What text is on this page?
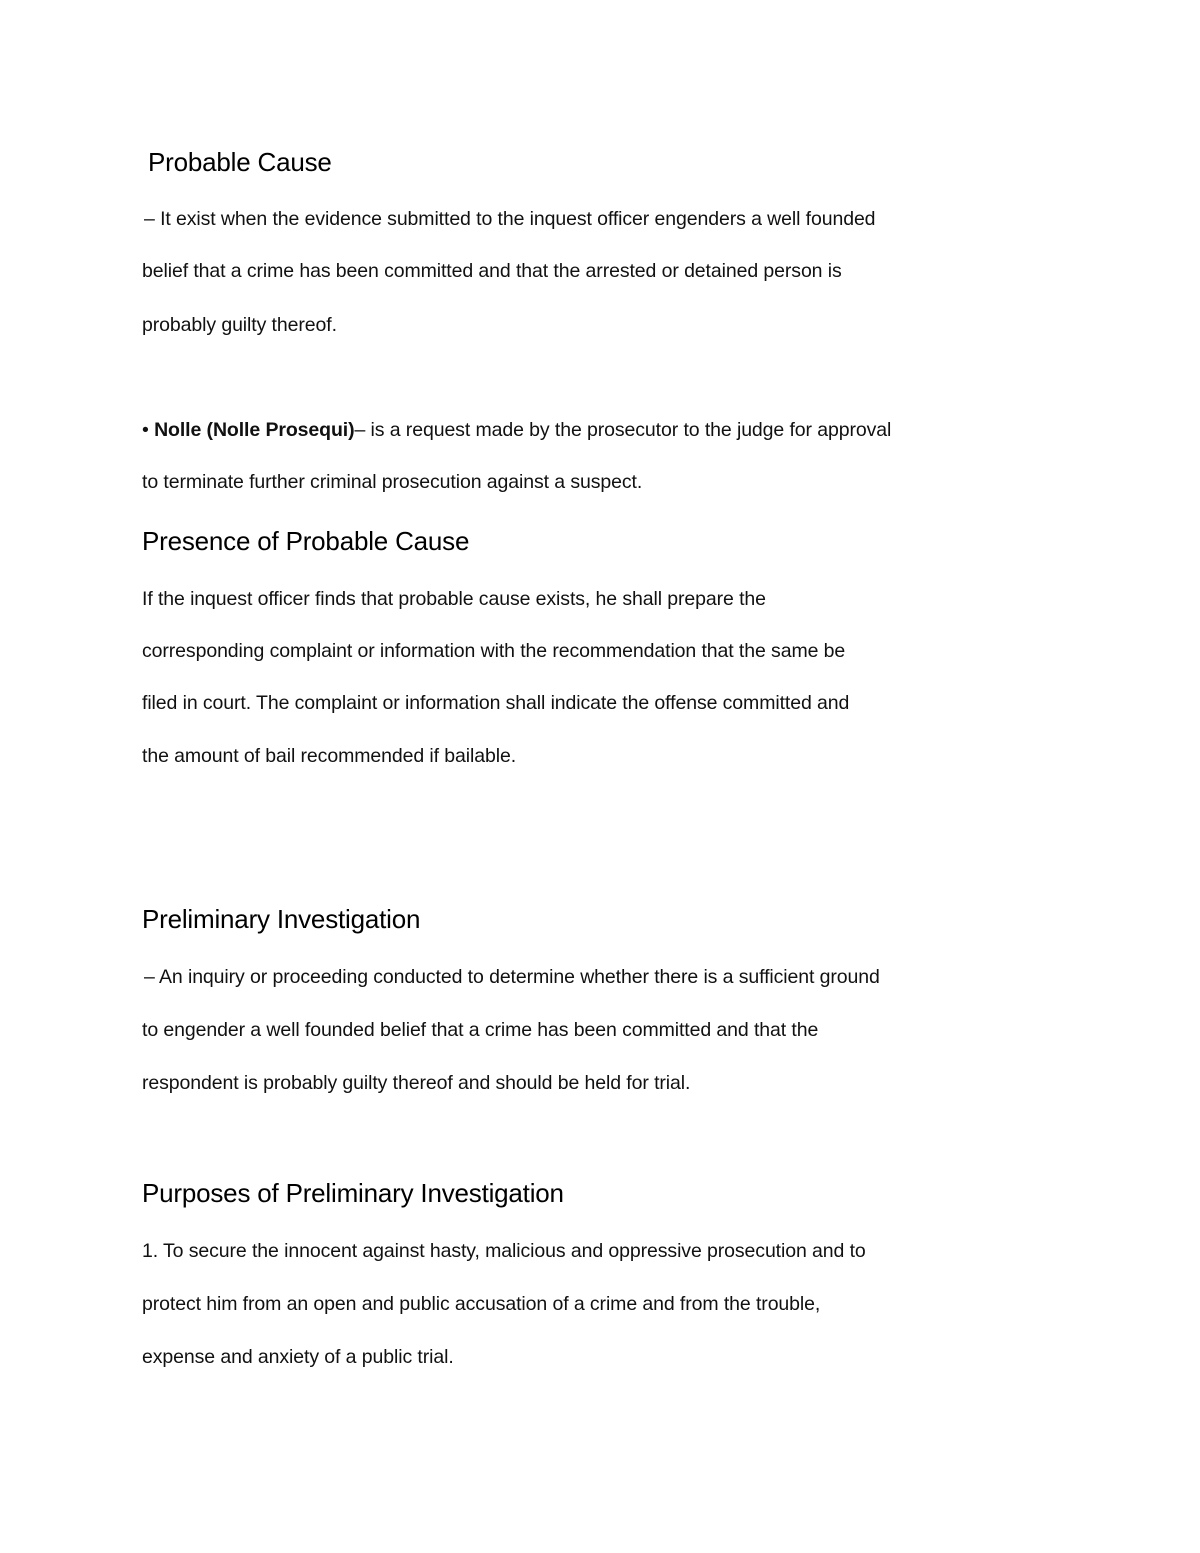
Probable Cause

– It exist when the evidence submitted to the inquest officer engenders a well founded

belief that a crime has been committed and that the arrested or detained person is

probably guilty thereof.

• Nolle (Nolle Prosequi)– is a request made by the prosecutor to the judge for approval

to terminate further criminal prosecution against a suspect.

Presence of Probable Cause

If the inquest officer finds that probable cause exists, he shall prepare the

corresponding complaint or information with the recommendation that the same be

filed in court. The complaint or information shall indicate the offense committed and

the amount of bail recommended if bailable.

Preliminary Investigation

– An inquiry or proceeding conducted to determine whether there is a sufficient ground

to engender a well founded belief that a crime has been committed and that the

respondent is probably guilty thereof and should be held for trial.

Purposes of Preliminary Investigation

1. To secure the innocent against hasty, malicious and oppressive prosecution and to

protect him from an open and public accusation of a crime and from the trouble,

expense and anxiety of a public trial.
